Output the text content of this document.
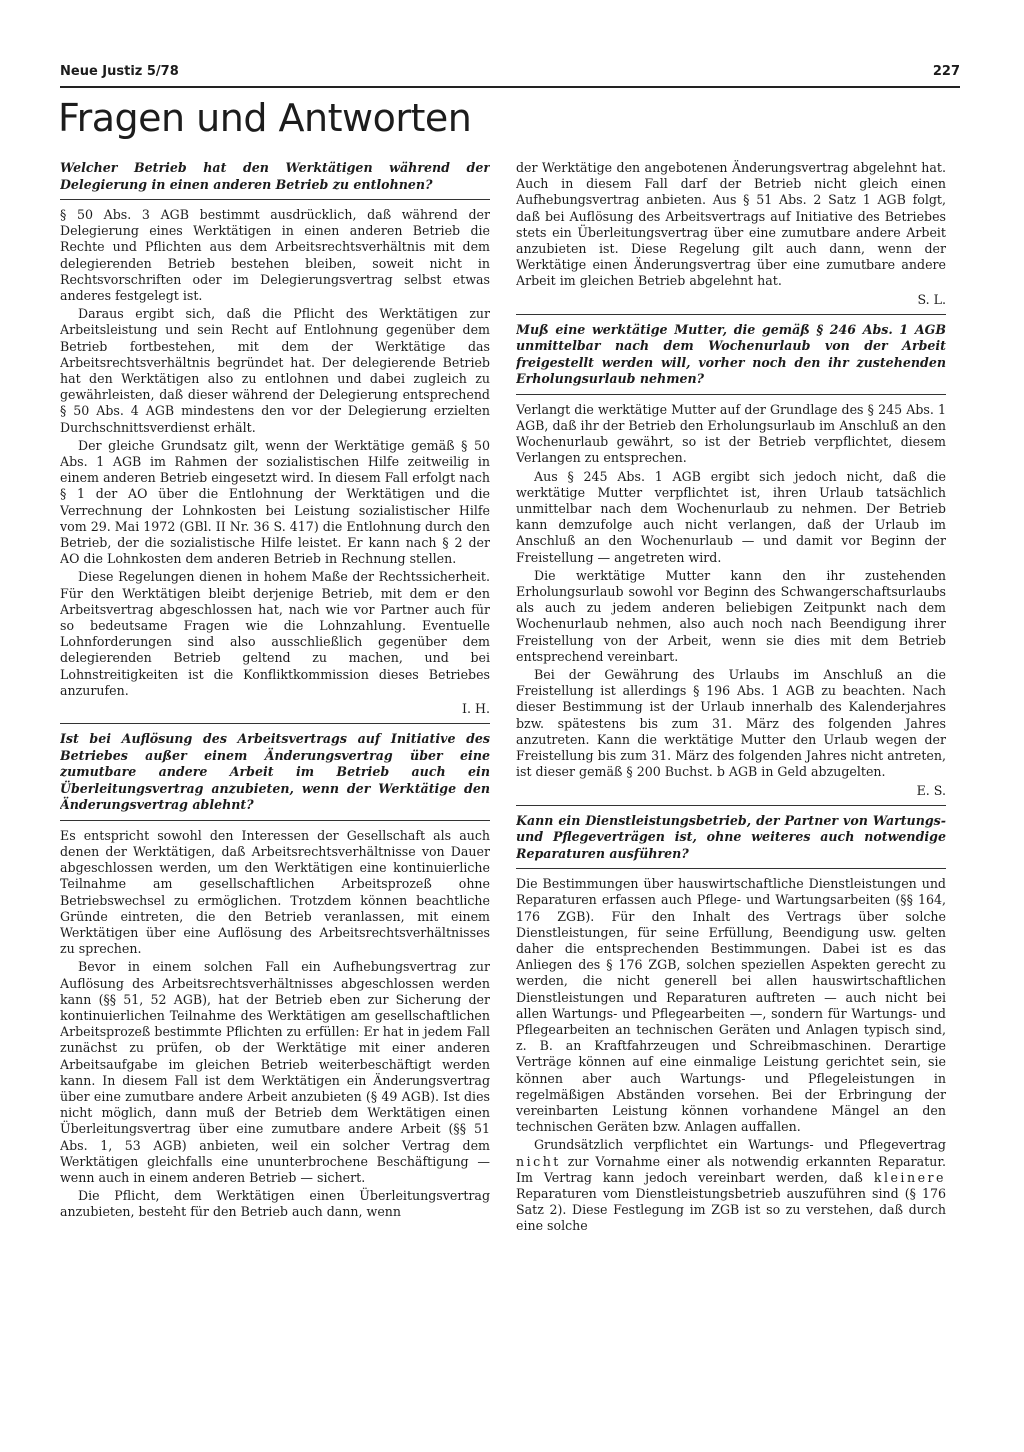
Neue Justiz 5/78	227
Fragen und Antworten
Welcher Betrieb hat den Werktätigen während der Delegierung in einen anderen Betrieb zu entlohnen?

§ 50 Abs. 3 AGB bestimmt ausdrücklich, daß während der Delegierung eines Werktätigen in einen anderen Betrieb die Rechte und Pflichten aus dem Arbeitsrechtsverhältnis mit dem delegierenden Betrieb bestehen bleiben, soweit nicht in Rechtsvorschriften oder im Delegierungsvertrag selbst etwas anderes festgelegt ist.

Daraus ergibt sich, daß die Pflicht des Werktätigen zur Arbeitsleistung und sein Recht auf Entlohnung gegenüber dem Betrieb fortbestehen, mit dem der Werktätige das Arbeitsrechtsverhältnis begründet hat. Der delegierende Betrieb hat den Werktätigen also zu entlohnen und dabei zugleich zu gewährleisten, daß dieser während der Delegierung entsprechend § 50 Abs. 4 AGB mindestens den vor der Delegierung erzielten Durchschnittsverdienst erhält.

Der gleiche Grundsatz gilt, wenn der Werktätige gemäß § 50 Abs. 1 AGB im Rahmen der sozialistischen Hilfe zeitweilig in einem anderen Betrieb eingesetzt wird. In diesem Fall erfolgt nach § 1 der AO über die Entlohnung der Werktätigen und die Verrechnung der Lohnkosten bei Leistung sozialistischer Hilfe vom 29. Mai 1972 (GBl. II Nr. 36 S. 417) die Entlohnung durch den Betrieb, der die sozialistische Hilfe leistet. Er kann nach § 2 der AO die Lohnkosten dem anderen Betrieb in Rechnung stellen.

Diese Regelungen dienen in hohem Maße der Rechtssicherheit. Für den Werktätigen bleibt derjenige Betrieb, mit dem er den Arbeitsvertrag abgeschlossen hat, nach wie vor Partner auch für so bedeutsame Fragen wie die Lohnzahlung. Eventuelle Lohnforderungen sind also ausschließlich gegenüber dem delegierenden Betrieb geltend zu machen, und bei Lohnstreitigkeiten ist die Konfliktkommission dieses Betriebes anzurufen.

I. H.
Ist bei Auflösung des Arbeitsvertrags auf Initiative des Betriebes außer einem Änderungsvertrag über eine zumutbare andere Arbeit im Betrieb auch ein Überleitungsvertrag anzubieten, wenn der Werktätige den Änderungsvertrag ablehnt?

Es entspricht sowohl den Interessen der Gesellschaft als auch denen der Werktätigen, daß Arbeitsrechtsverhältnisse von Dauer abgeschlossen werden, um den Werktätigen eine kontinuierliche Teilnahme am gesellschaftlichen Arbeitsprozeß ohne Betriebswechsel zu ermöglichen. Trotzdem können beachtliche Gründe eintreten, die den Betrieb veranlassen, mit einem Werktätigen über eine Auflösung des Arbeitsrechtsverhältnisses zu sprechen.

Bevor in einem solchen Fall ein Aufhebungsvertrag zur Auflösung des Arbeitsrechtsverhältnisses abgeschlossen werden kann (§§ 51, 52 AGB), hat der Betrieb eben zur Sicherung der kontinuierlichen Teilnahme des Werktätigen am gesellschaftlichen Arbeitsprozeß bestimmte Pflichten zu erfüllen: Er hat in jedem Fall zunächst zu prüfen, ob der Werktätige mit einer anderen Arbeitsaufgabe im gleichen Betrieb weiterbeschäftigt werden kann. In diesem Fall ist dem Werktätigen ein Änderungsvertrag über eine zumutbare andere Arbeit anzubieten (§ 49 AGB). Ist dies nicht möglich, dann muß der Betrieb dem Werktätigen einen Überleitungsvertrag über eine zumutbare andere Arbeit (§§ 51 Abs. 1, 53 AGB) anbieten, weil ein solcher Vertrag dem Werktätigen gleichfalls eine ununterbrochene Beschäftigung — wenn auch in einem anderen Betrieb — sichert.

Die Pflicht, dem Werktätigen einen Überleitungsvertrag anzubieten, besteht für den Betrieb auch dann, wenn

der Werktätige den angebotenen Änderungsvertrag abgelehnt hat. Auch in diesem Fall darf der Betrieb nicht gleich einen Aufhebungsvertrag anbieten. Aus § 51 Abs. 2 Satz 1 AGB folgt, daß bei Auflösung des Arbeitsvertrags auf Initiative des Betriebes stets ein Überleitungsvertrag über eine zumutbare andere Arbeit anzubieten ist. Diese Regelung gilt auch dann, wenn der Werktätige einen Änderungsvertrag über eine zumutbare andere Arbeit im gleichen Betrieb abgelehnt hat.

S. L.
Muß eine werktätige Mutter, die gemäß § 246 Abs. 1 AGB unmittelbar nach dem Wochenurlaub von der Arbeit freigestellt werden will, vorher noch den ihr zustehenden Erholungsurlaub nehmen?

Verlangt die werktätige Mutter auf der Grundlage des § 245 Abs. 1 AGB, daß ihr der Betrieb den Erholungsurlaub im Anschluß an den Wochenurlaub gewährt, so ist der Betrieb verpflichtet, diesem Verlangen zu entsprechen.

Aus § 245 Abs. 1 AGB ergibt sich jedoch nicht, daß die werktätige Mutter verpflichtet ist, ihren Urlaub tatsächlich unmittelbar nach dem Wochenurlaub zu nehmen. Der Betrieb kann demzufolge auch nicht verlangen, daß der Urlaub im Anschluß an den Wochenurlaub — und damit vor Beginn der Freistellung — angetreten wird.

Die werktätige Mutter kann den ihr zustehenden Erholungsurlaub sowohl vor Beginn des Schwangerschaftsurlaubs als auch zu jedem anderen beliebigen Zeitpunkt nach dem Wochenurlaub nehmen, also auch noch nach Beendigung ihrer Freistellung von der Arbeit, wenn sie dies mit dem Betrieb entsprechend vereinbart.

Bei der Gewährung des Urlaubs im Anschluß an die Freistellung ist allerdings § 196 Abs. 1 AGB zu beachten. Nach dieser Bestimmung ist der Urlaub innerhalb des Kalenderjahres bzw. spätestens bis zum 31. März des folgenden Jahres anzutreten. Kann die werktätige Mutter den Urlaub wegen der Freistellung bis zum 31. März des folgenden Jahres nicht antreten, ist dieser gemäß § 200 Buchst. b AGB in Geld abzugelten.

E. S.
Kann ein Dienstleistungsbetrieb, der Partner von Wartungs- und Pflegeverträgen ist, ohne weiteres auch notwendige Reparaturen ausführen?

Die Bestimmungen über hauswirtschaftliche Dienstleistungen und Reparaturen erfassen auch Pflege- und Wartungsarbeiten (§§ 164, 176 ZGB). Für den Inhalt des Vertrags über solche Dienstleistungen, für seine Erfüllung, Beendigung usw. gelten daher die entsprechenden Bestimmungen. Dabei ist es das Anliegen des § 176 ZGB, solchen speziellen Aspekten gerecht zu werden, die nicht generell bei allen hauswirtschaftlichen Dienstleistungen und Reparaturen auftreten — auch nicht bei allen Wartungs- und Pflegearbeiten —, sondern für Wartungs- und Pflegearbeiten an technischen Geräten und Anlagen typisch sind, z. B. an Kraftfahrzeugen und Schreibmaschinen. Derartige Verträge können auf eine einmalige Leistung gerichtet sein, sie können aber auch Wartungs- und Pflegeleistungen in regelmäßigen Abständen vorsehen. Bei der Erbringung der vereinbarten Leistung können vorhandene Mängel an den technischen Geräten bzw. Anlagen auffallen.

Grundsätzlich verpflichtet ein Wartungs- und Pflegevertrag nicht zur Vornahme einer als notwendig erkannten Reparatur. Im Vertrag kann jedoch vereinbart werden, daß kleinere Reparaturen vom Dienstleistungsbetrieb auszuführen sind (§ 176 Satz 2). Diese Festlegung im ZGB ist so zu verstehen, daß durch eine solche
